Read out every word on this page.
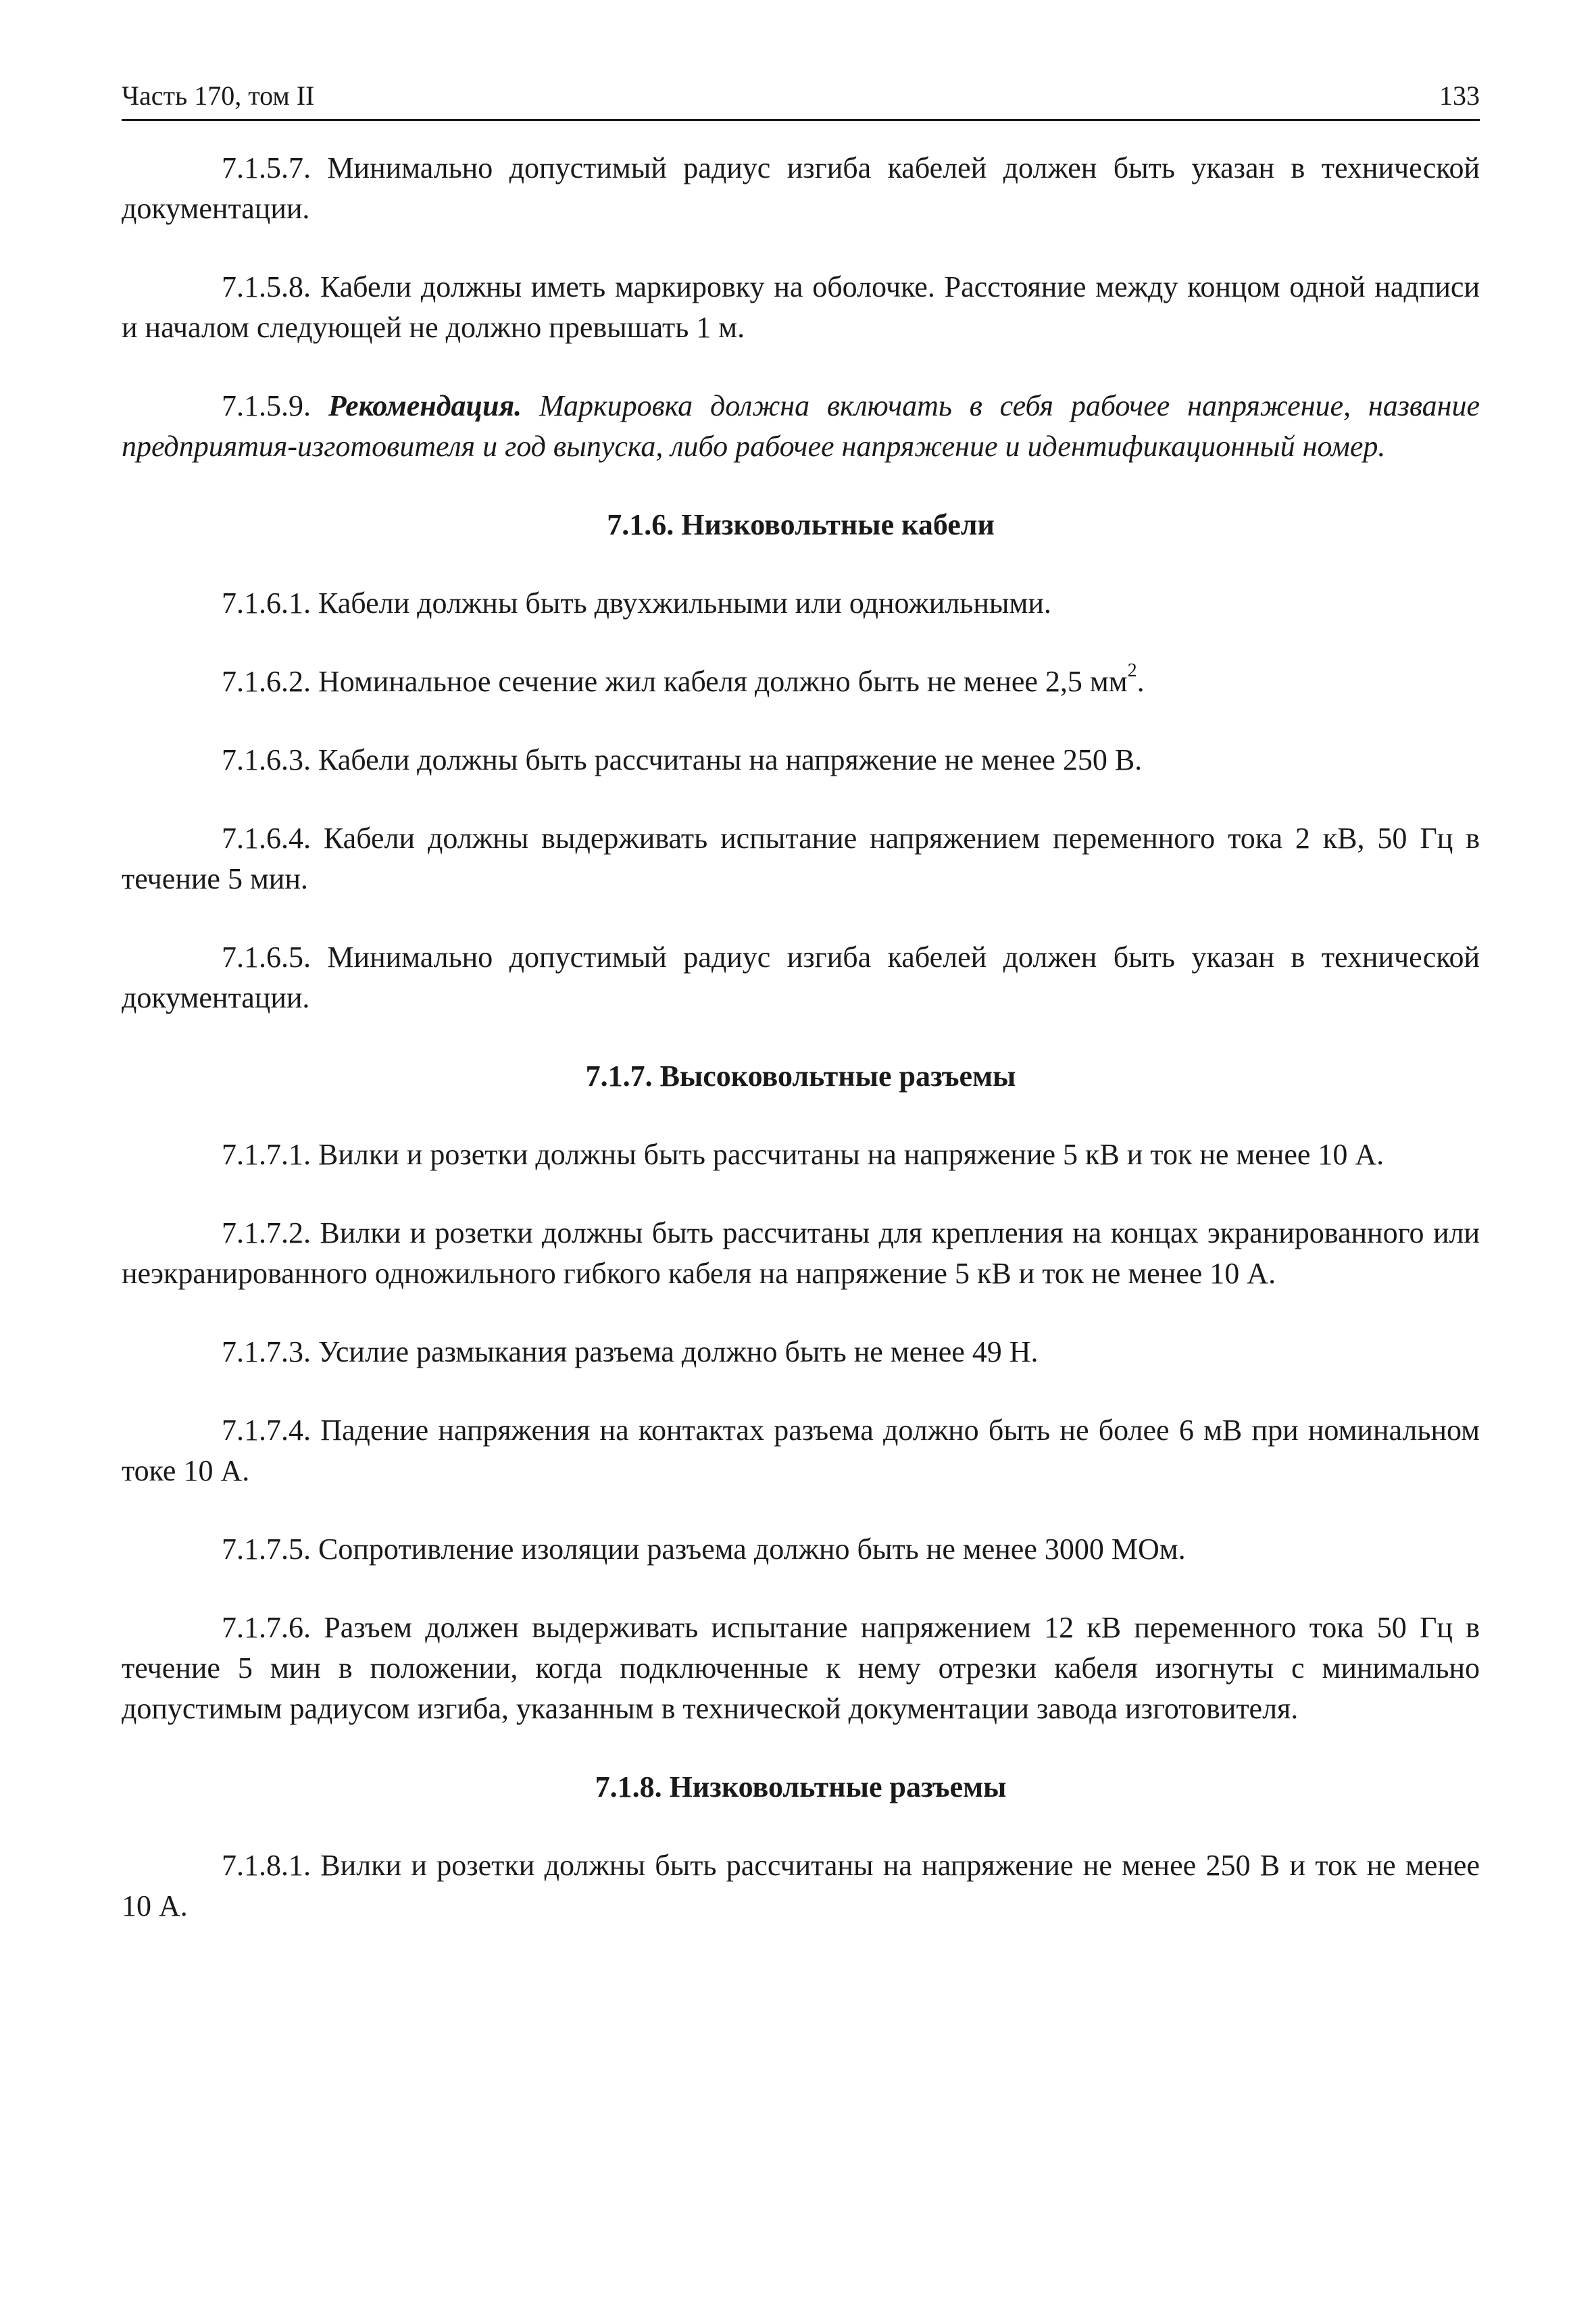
Часть 170, том II	133

7.1.5.7. Минимально допустимый радиус изгиба кабелей должен быть указан в технической документации.

7.1.5.8. Кабели должны иметь маркировку на оболочке. Расстояние между концом одной надписи и началом следующей не должно превышать 1 м.

7.1.5.9. Рекомендация. Маркировка должна включать в себя рабочее напряжение, название предприятия-изготовителя и год выпуска, либо рабочее напряжение и идентификационный номер.

7.1.6. Низковольтные кабели

7.1.6.1. Кабели должны быть двухжильными или одножильными.

7.1.6.2. Номинальное сечение жил кабеля должно быть не менее 2,5 $мм^2$.

7.1.6.3. Кабели должны быть рассчитаны на напряжение не менее 250 В.

7.1.6.4. Кабели должны выдерживать испытание напряжением переменного тока 2 кВ, 50 Гц в течение 5 мин.

7.1.6.5. Минимально допустимый радиус изгиба кабелей должен быть указан в технической документации.

7.1.7. Высоковольтные разъемы

7.1.7.1. Вилки и розетки должны быть рассчитаны на напряжение 5 кВ и ток не менее 10 А.

7.1.7.2. Вилки и розетки должны быть рассчитаны для крепления на концах экранированного или неэкранированного одножильного гибкого кабеля на напряжение 5 кВ и ток не менее 10 А.

7.1.7.3. Усилие размыкания разъема должно быть не менее 49 Н.

7.1.7.4. Падение напряжения на контактах разъема должно быть не более 6 мВ при номинальном токе 10 А.

7.1.7.5. Сопротивление изоляции разъема должно быть не менее 3000 МОм.

7.1.7.6. Разъем должен выдерживать испытание напряжением 12 кВ переменного тока 50 Гц в течение 5 мин в положении, когда подключенные к нему отрезки кабеля изогнуты с минимально допустимым радиусом изгиба, указанным в технической документации завода изготовителя.

7.1.8. Низковольтные разъемы

7.1.8.1. Вилки и розетки должны быть рассчитаны на напряжение не менее 250 В и ток не менее 10 А.
